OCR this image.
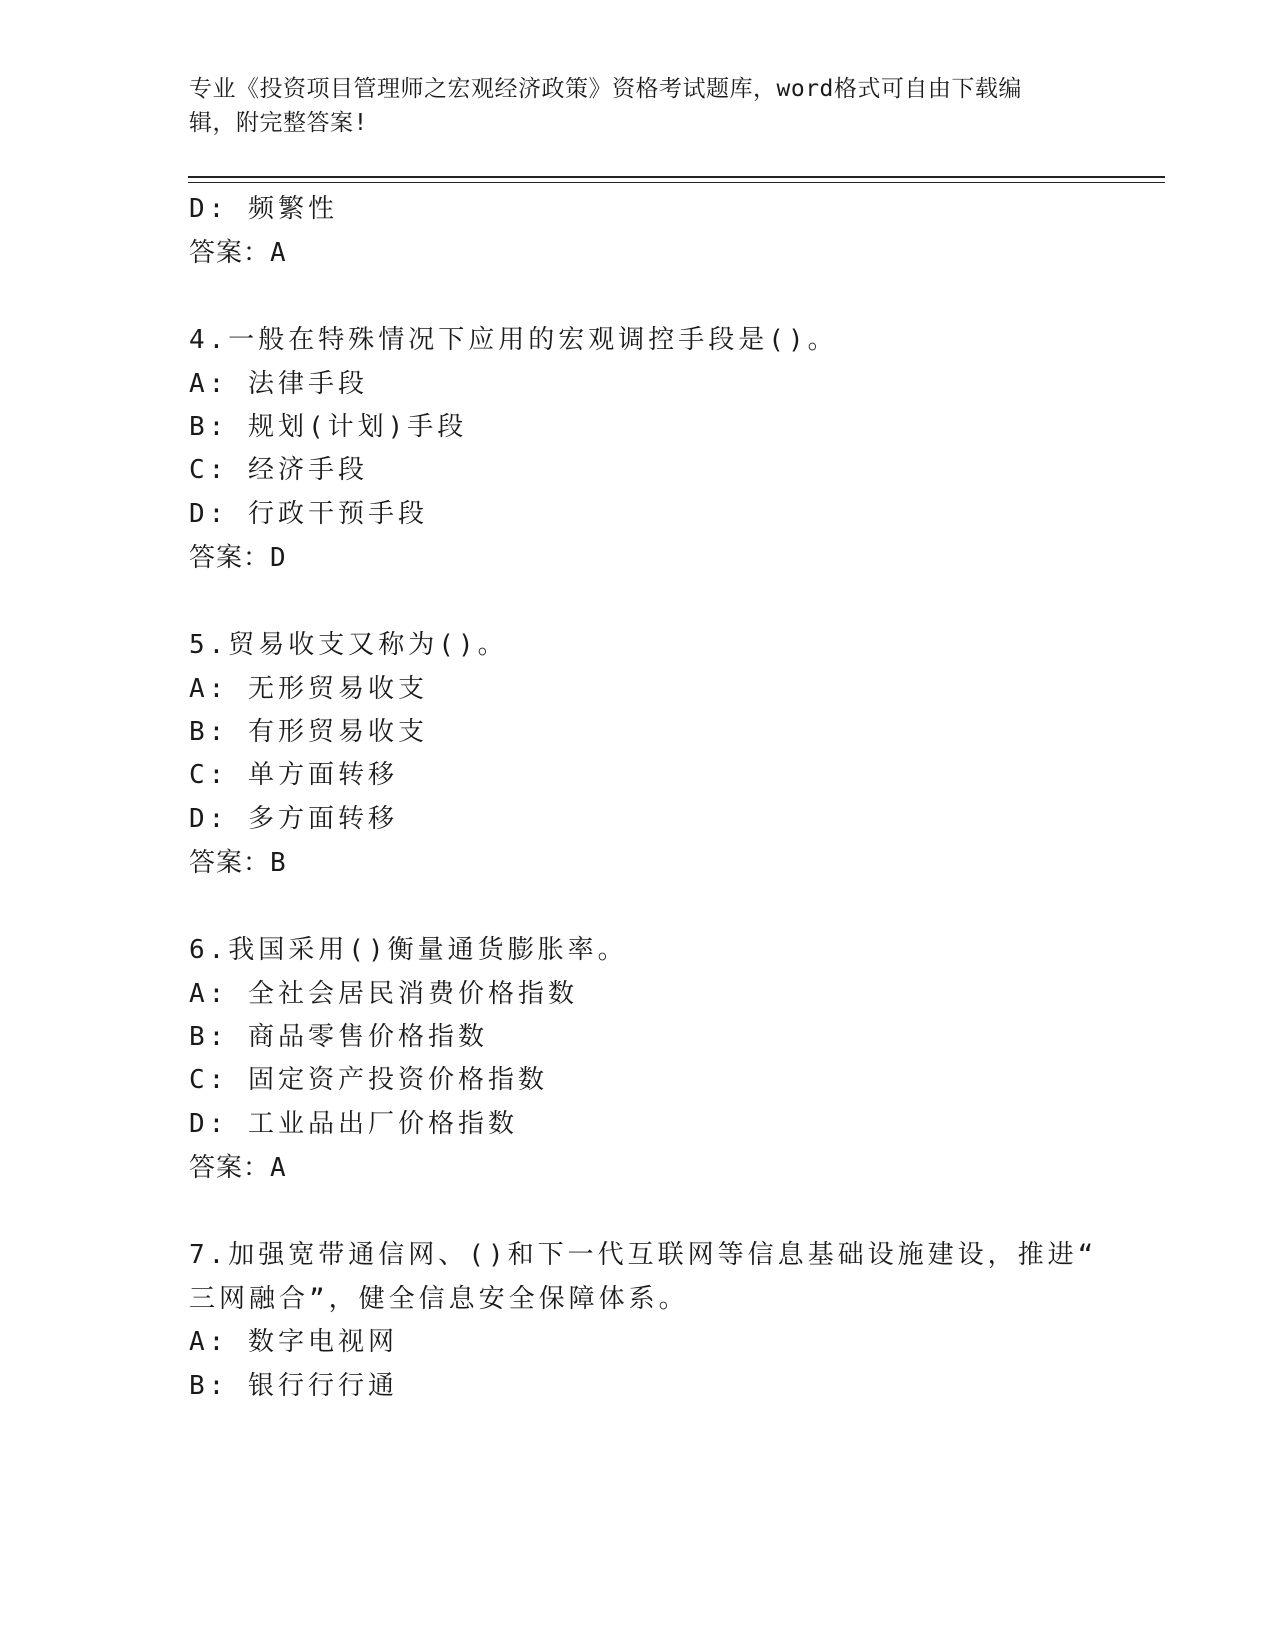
专业《投资项目管理师之宏观经济政策》资格考试题库，word格式可自由下载编
辑，附完整答案!
D: 频繁性
答案：A
4.一般在特殊情况下应用的宏观调控手段是()。
A: 法律手段
B: 规划(计划)手段
C: 经济手段
D: 行政干预手段
答案：D
5.贸易收支又称为()。
A: 无形贸易收支
B: 有形贸易收支
C: 单方面转移
D: 多方面转移
答案：B
6.我国采用()衡量通货膨胀率。
A: 全社会居民消费价格指数
B: 商品零售价格指数
C: 固定资产投资价格指数
D: 工业品出厂价格指数
答案：A
7.加强宽带通信网、()和下一代互联网等信息基础设施建设，推进“
三网融合”，健全信息安全保障体系。
A: 数字电视网
B: 银行行行通
